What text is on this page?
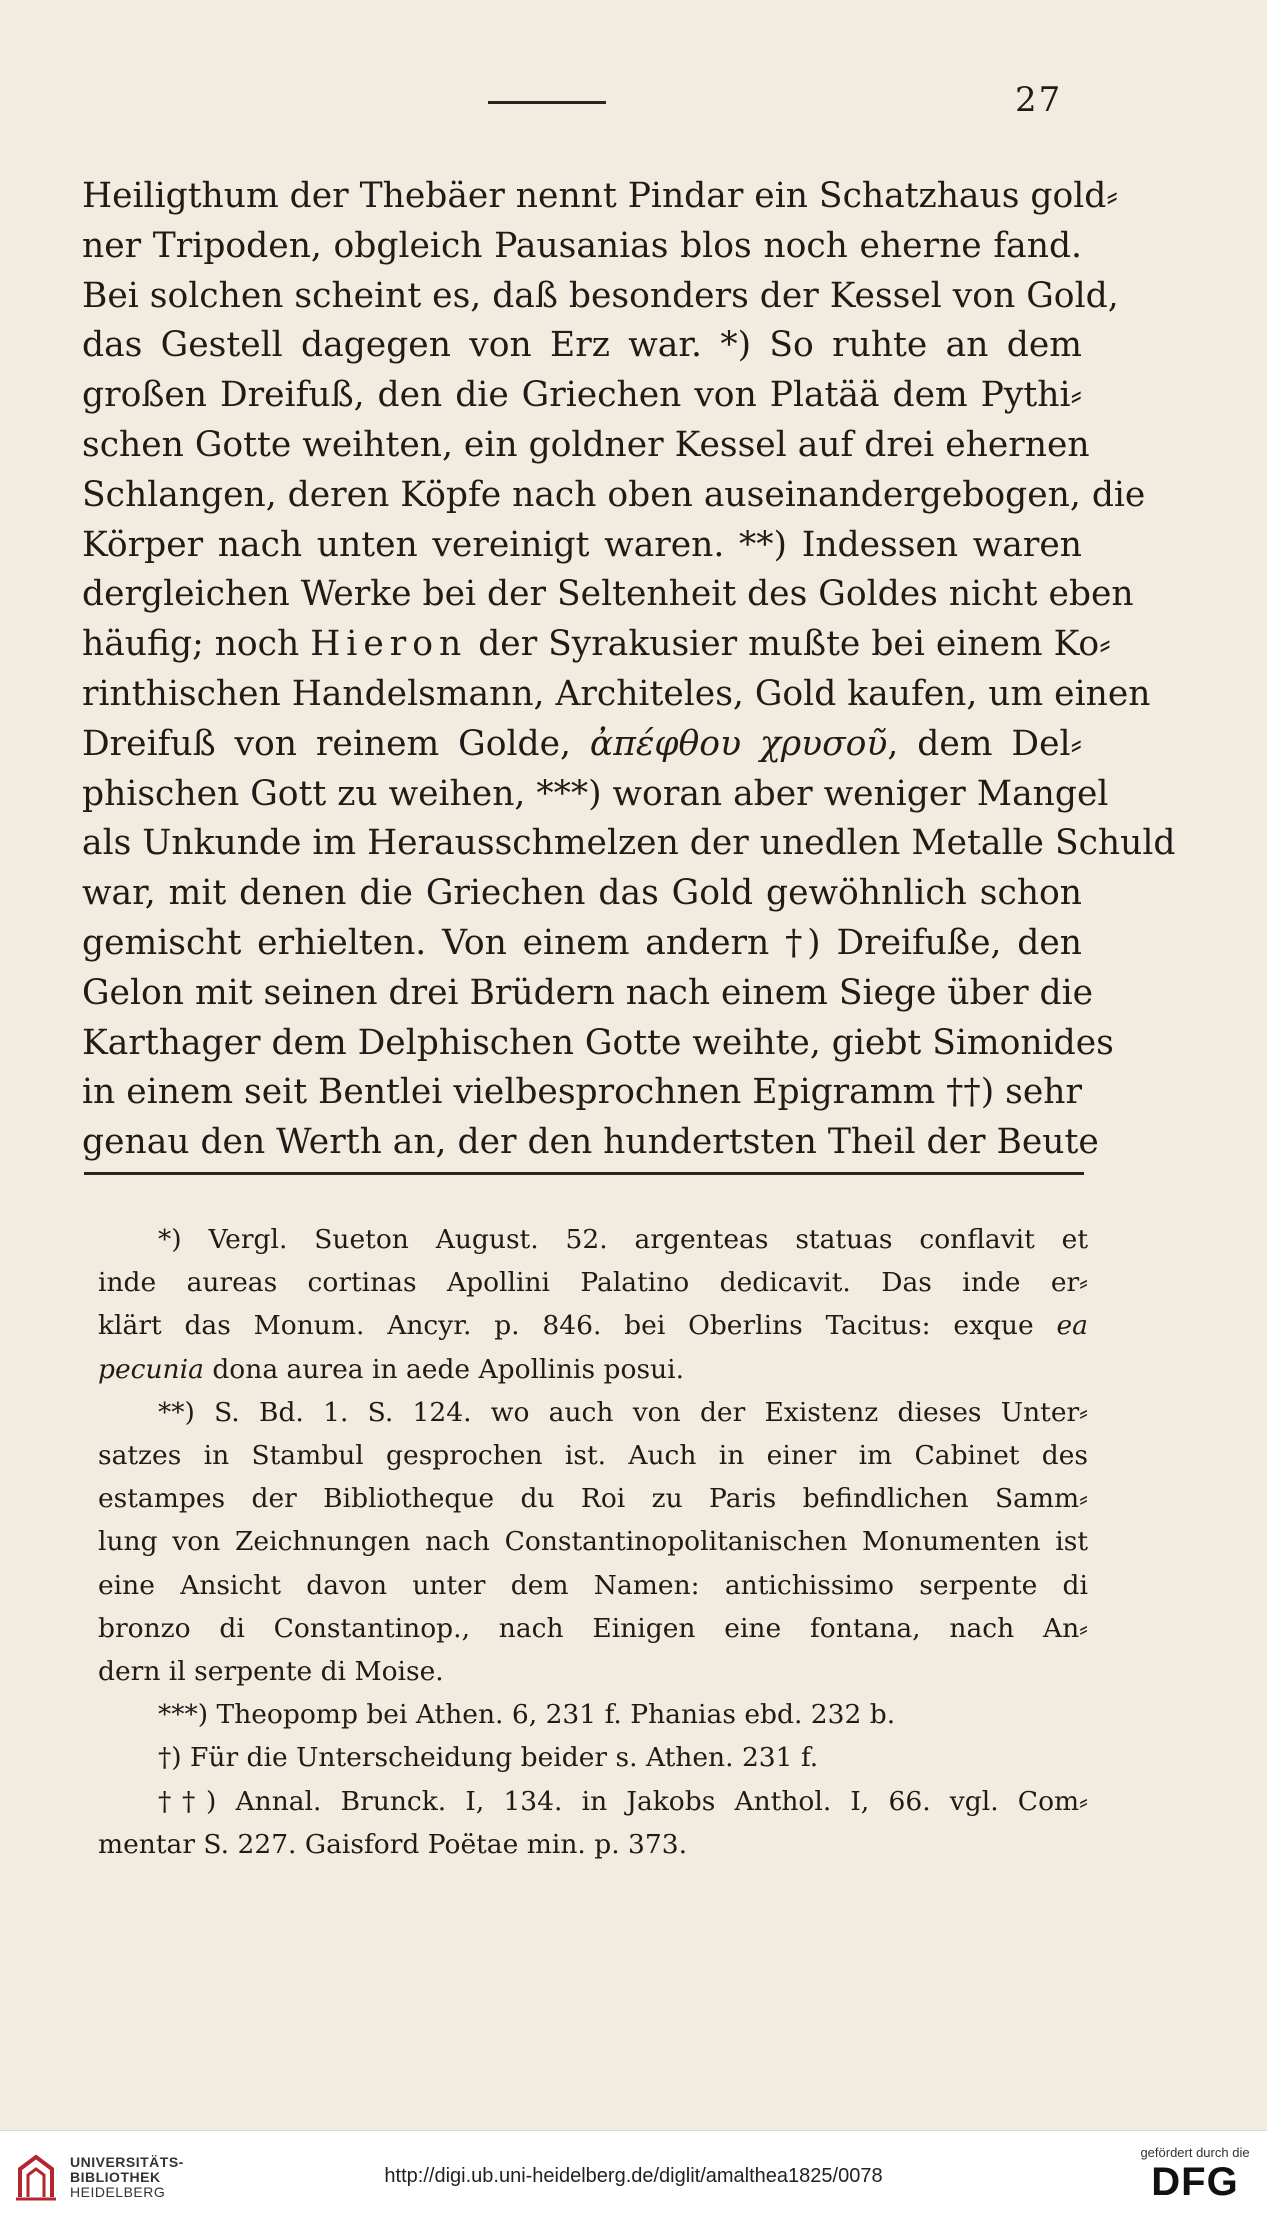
27
Heiligthum der Thebäer nennt Pindar ein Schatzhaus gold⸗
ner Tripoden, obgleich Pausanias blos noch eherne fand.
Bei solchen scheint es, daß besonders der Kessel von Gold,
das Gestell dagegen von Erz war. *) So ruhte an dem
großen Dreifuß, den die Griechen von Platää dem Pythi⸗
schen Gotte weihten, ein goldner Kessel auf drei ehernen
Schlangen, deren Köpfe nach oben auseinandergebogen, die
Körper nach unten vereinigt waren. **) Indessen waren
dergleichen Werke bei der Seltenheit des Goldes nicht eben
häufig; noch Hieron der Syrakusier mußte bei einem Ko⸗
rinthischen Handelsmann, Architeles, Gold kaufen, um einen
Dreifuß von reinem Golde, ἀπέφθου χρυσοῦ, dem Del⸗
phischen Gott zu weihen, ***) woran aber weniger Mangel
als Unkunde im Herausschmelzen der unedlen Metalle Schuld
war, mit denen die Griechen das Gold gewöhnlich schon
gemischt erhielten. Von einem andern †) Dreifuße, den
Gelon mit seinen drei Brüdern nach einem Siege über die
Karthager dem Delphischen Gotte weihte, giebt Simonides
in einem seit Bentlei vielbesprochnen Epigramm ††) sehr
genau den Werth an, der den hundertsten Theil der Beute
*) Vergl. Sueton August. 52. argenteas statuas conflavit et
inde aureas cortinas Apollini Palatino dedicavit. Das inde er⸗
klärt das Monum. Ancyr. p. 846. bei Oberlins Tacitus: exque ea
pecunia dona aurea in aede Apollinis posui.
**) S. Bd. 1. S. 124. wo auch von der Existenz dieses Unter⸗
satzes in Stambul gesprochen ist. Auch in einer im Cabinet des
estampes der Bibliotheque du Roi zu Paris befindlichen Samm⸗
lung von Zeichnungen nach Constantinopolitanischen Monumenten ist
eine Ansicht davon unter dem Namen: antichissimo serpente di
bronzo di Constantinop., nach Einigen eine fontana, nach An⸗
dern il serpente di Moise.
***) Theopomp bei Athen. 6, 231 f. Phanias ebd. 232 b.
†) Für die Unterscheidung beider s. Athen. 231 f.
††) Annal. Brunck. I, 134. in Jakobs Anthol. I, 66. vgl. Com⸗
mentar S. 227. Gaisford Poëtae min. p. 373.
UNIVERSITÄTS-
BIBLIOTHEK
HEIDELBERG
http://digi.ub.uni-heidelberg.de/diglit/amalthea1825/0078
gefördert durch die
DFG
